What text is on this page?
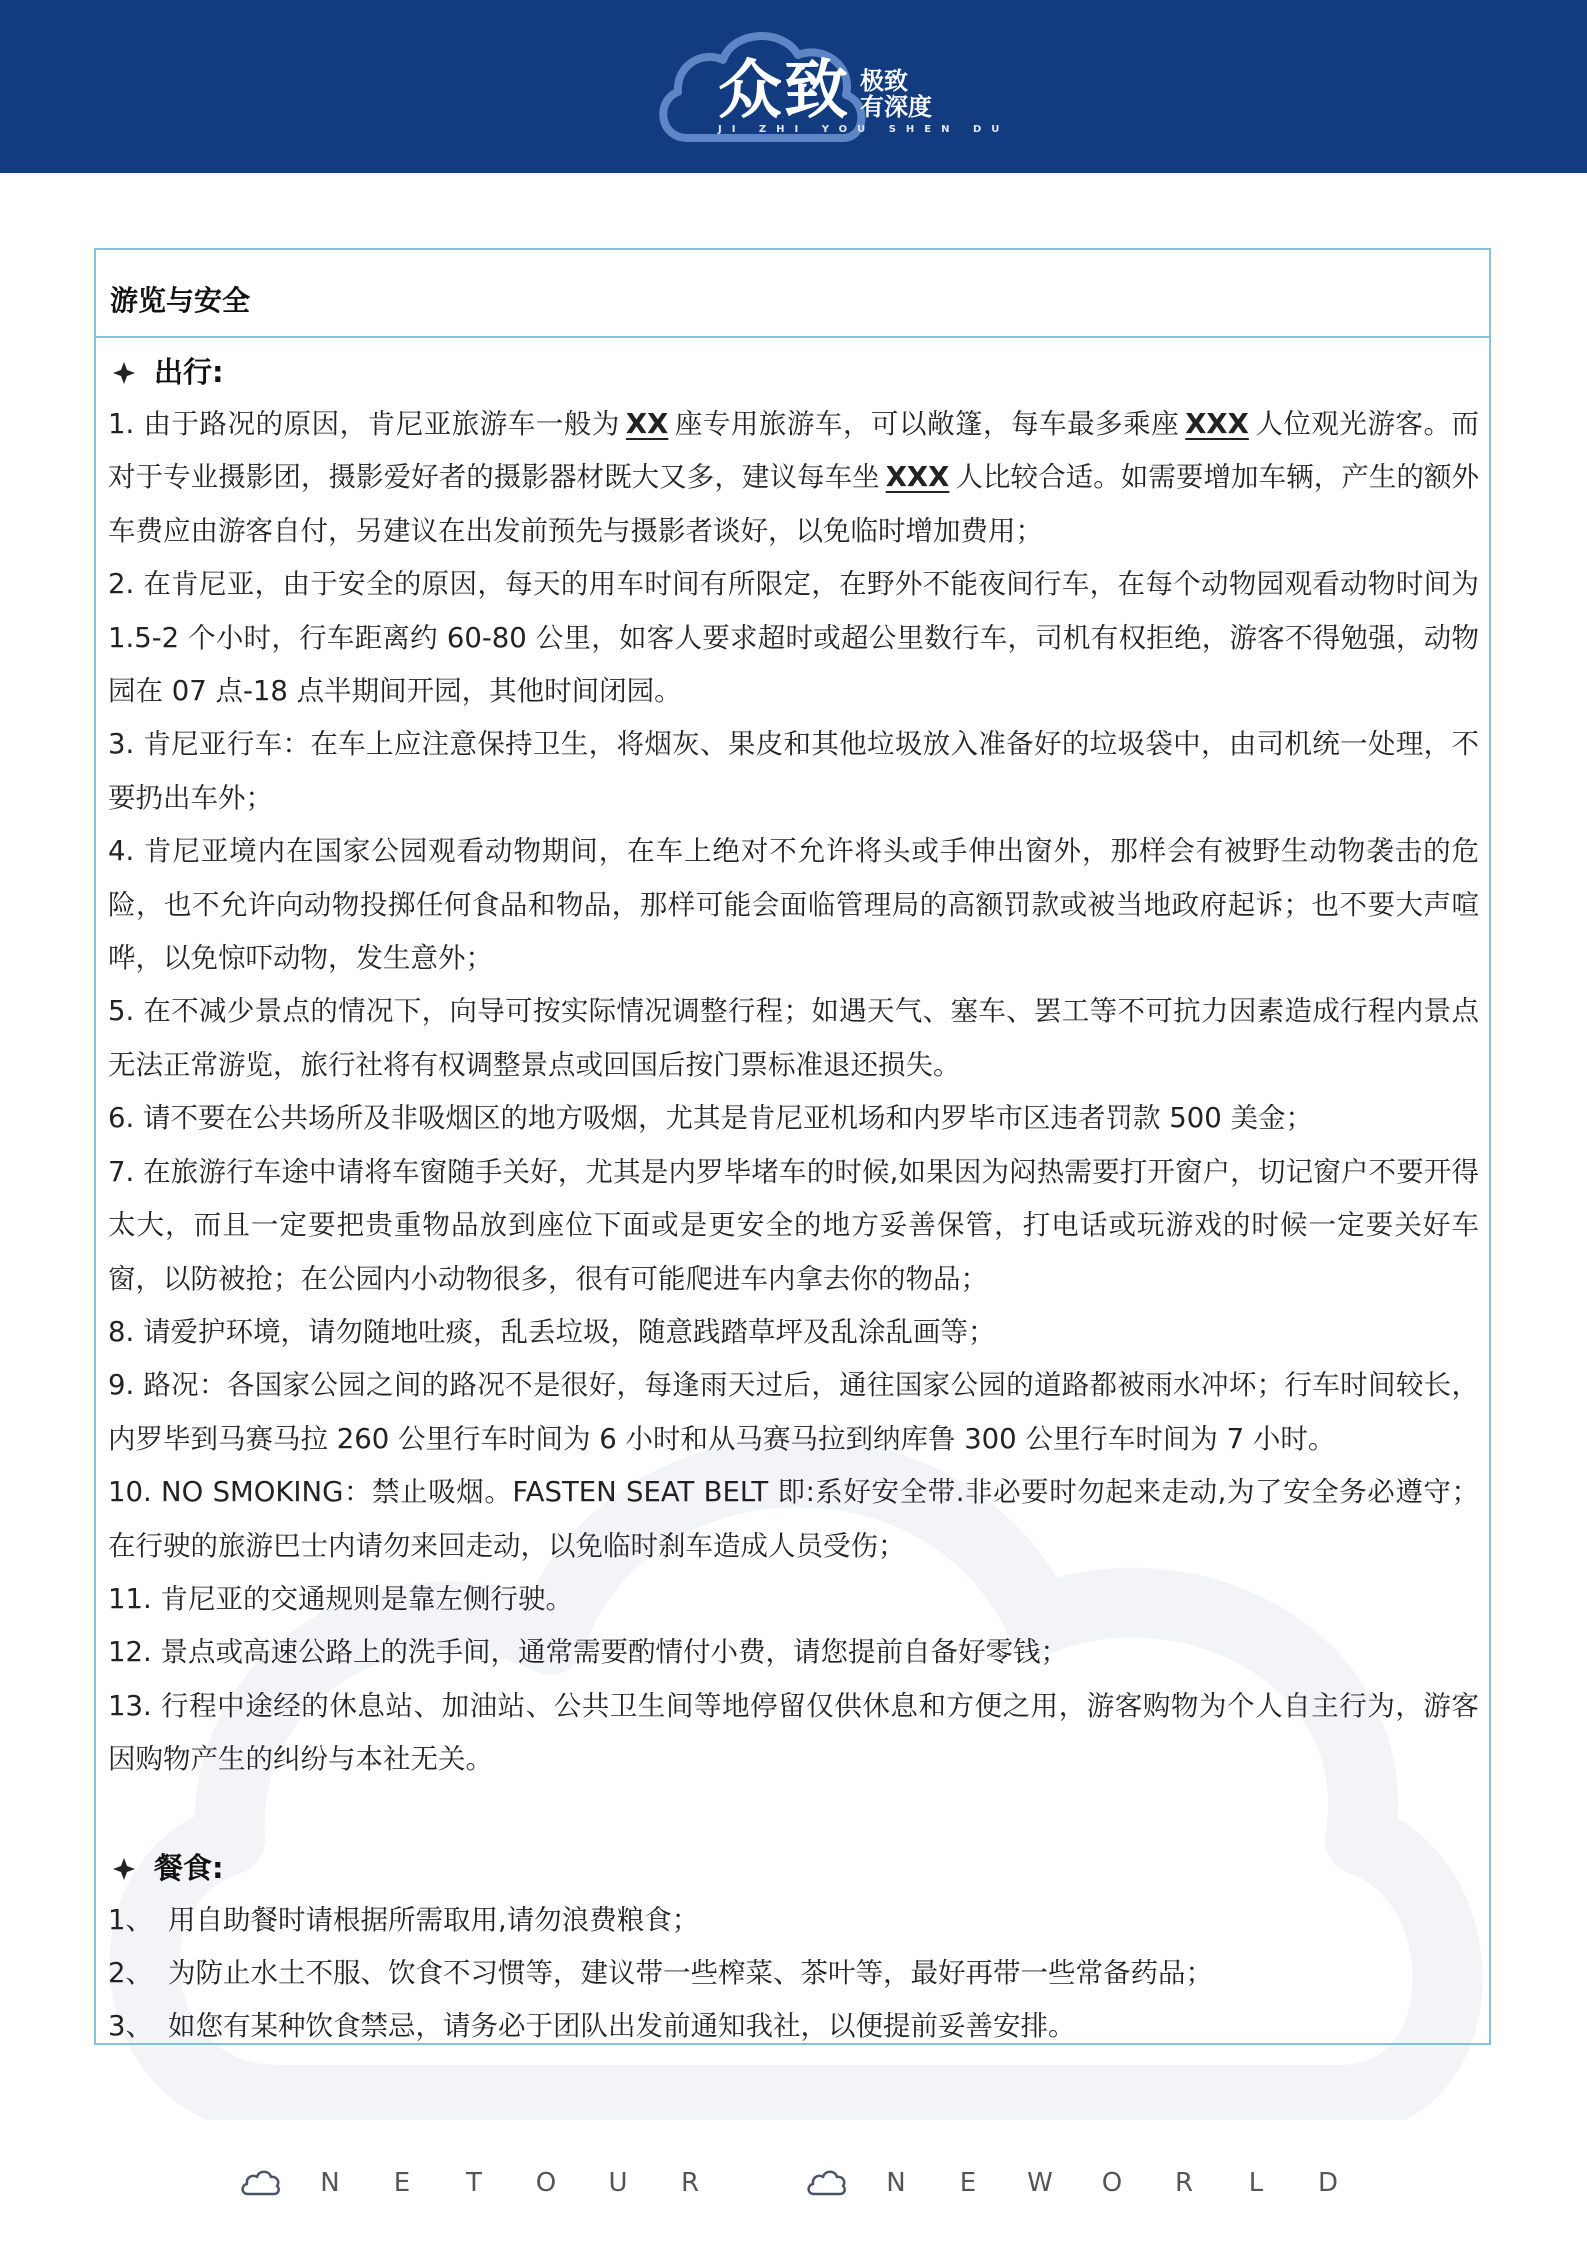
众致 极致
有深度
JI ZHI YOU SHEN DU
游览与安全
出行:
1. 由于路况的原因，肯尼亚旅游车一般为 XX 座专用旅游车，可以敞篷，每车最多乘座 XXX 人位观光游客。而对于专业摄影团，摄影爱好者的摄影器材既大又多，建议每车坐 XXX 人比较合适。如需要增加车辆，产生的额外车费应由游客自付，另建议在出发前预先与摄影者谈好，以免临时增加费用；
2. 在肯尼亚，由于安全的原因，每天的用车时间有所限定，在野外不能夜间行车，在每个动物园观看动物时间为 1.5-2 个小时，行车距离约 60-80 公里，如客人要求超时或超公里数行车，司机有权拒绝，游客不得勉强，动物园在 07 点-18 点半期间开园，其他时间闭园。
3. 肯尼亚行车：在车上应注意保持卫生，将烟灰、果皮和其他垃圾放入准备好的垃圾袋中，由司机统一处理，不要扔出车外；
4. 肯尼亚境内在国家公园观看动物期间，在车上绝对不允许将头或手伸出窗外，那样会有被野生动物袭击的危险，也不允许向动物投掷任何食品和物品，那样可能会面临管理局的高额罚款或被当地政府起诉；也不要大声喧哗，以免惊吓动物，发生意外；
5. 在不减少景点的情况下，向导可按实际情况调整行程；如遇天气、塞车、罢工等不可抗力因素造成行程内景点无法正常游览，旅行社将有权调整景点或回国后按门票标准退还损失。
6. 请不要在公共场所及非吸烟区的地方吸烟，尤其是肯尼亚机场和内罗毕市区违者罚款 500 美金；
7. 在旅游行车途中请将车窗随手关好，尤其是内罗毕堵车的时候,如果因为闷热需要打开窗户，切记窗户不要开得太大，而且一定要把贵重物品放到座位下面或是更安全的地方妥善保管，打电话或玩游戏的时候一定要关好车窗，以防被抢；在公园内小动物很多，很有可能爬进车内拿去你的物品；
8. 请爱护环境，请勿随地吐痰，乱丢垃圾，随意践踏草坪及乱涂乱画等；
9. 路况：各国家公园之间的路况不是很好，每逢雨天过后，通往国家公园的道路都被雨水冲坏；行车时间较长，内罗毕到马赛马拉 260 公里行车时间为 6 小时和从马赛马拉到纳库鲁 300 公里行车时间为 7 小时。
10. NO SMOKING：禁止吸烟。FASTEN SEAT BELT 即:系好安全带.非必要时勿起来走动,为了安全务必遵守；在行驶的旅游巴士内请勿来回走动，以免临时刹车造成人员受伤；
11. 肯尼亚的交通规则是靠左侧行驶。
12. 景点或高速公路上的洗手间，通常需要酌情付小费，请您提前自备好零钱；
13. 行程中途经的休息站、加油站、公共卫生间等地停留仅供休息和方便之用，游客购物为个人自主行为，游客因购物产生的纠纷与本社无关。
餐食:
1、 用自助餐时请根据所需取用,请勿浪费粮食；
2、 为防止水土不服、饮食不习惯等，建议带一些榨菜、茶叶等，最好再带一些常备药品；
3、 如您有某种饮食禁忌，请务必于团队出发前通知我社，以便提前妥善安排。
N	E	T	O	U	R	N	E	W	O	R	L	D
